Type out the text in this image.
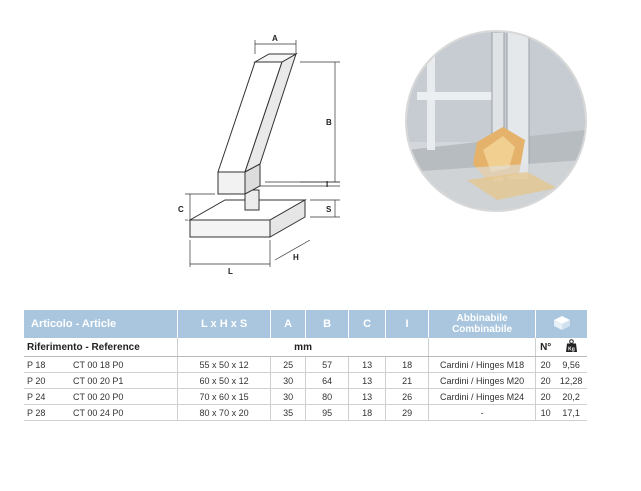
A
B
I
S
C
L
H
Articolo - Article		L x H x S	A	B	C	I	Abbinabile
Combinabile	
Riferimento - Reference		mm						N°	Kg

P 18	CT 00 18 P0	55 x 50 x 12	25	57	13	18	Cardini / Hinges M18	20	9,56
P 20	CT 00 20 P1	60 x 50 x 12	30	64	13	21	Cardini / Hinges M20	20	12,28
P 24	CT 00 20 P0	70 x 60 x 15	30	80	13	26	Cardini / Hinges M24	20	20,2
P 28	CT 00 24 P0	80 x 70 x 20	35	95	18	29	-	10	17,1
